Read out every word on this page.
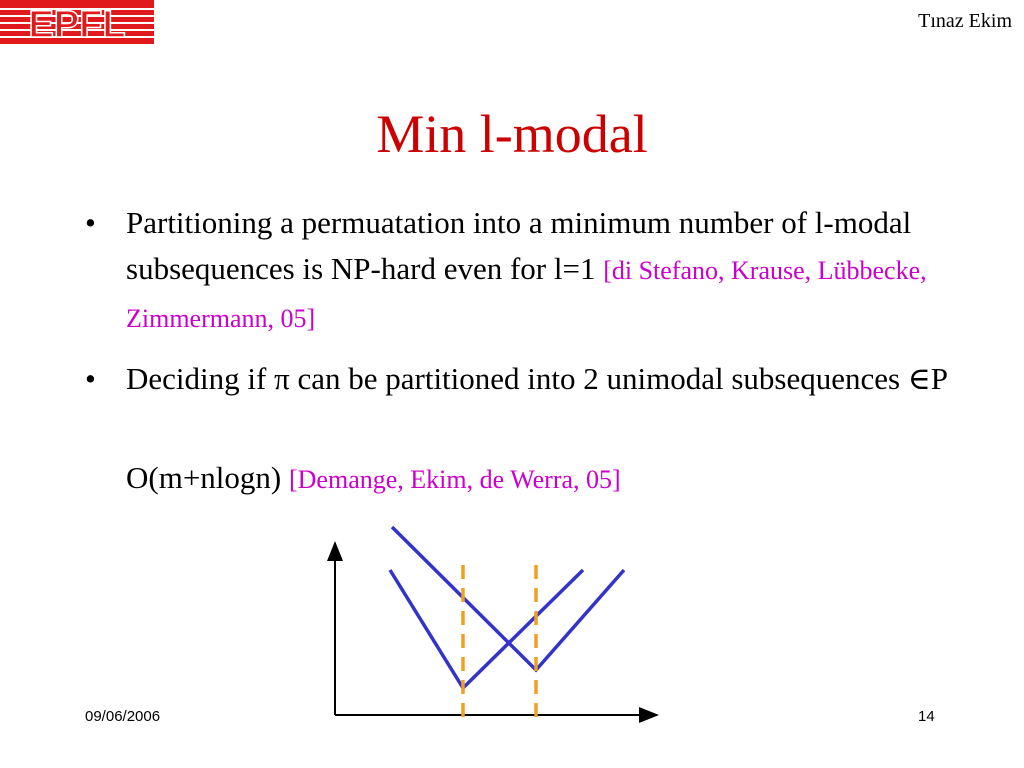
EPFL	Tınaz Ekim
Min l-modal
• Partitioning a permuatation into a minimum number of l-modal subsequences is NP-hard even for l=1 [di Stefano, Krause, Lübbecke, Zimmermann, 05]
• Deciding if π can be partitioned into 2 unimodal subsequences ∈P
O(m+nlogn) [Demange, Ekim, de Werra, 05]
09/06/2006	14
